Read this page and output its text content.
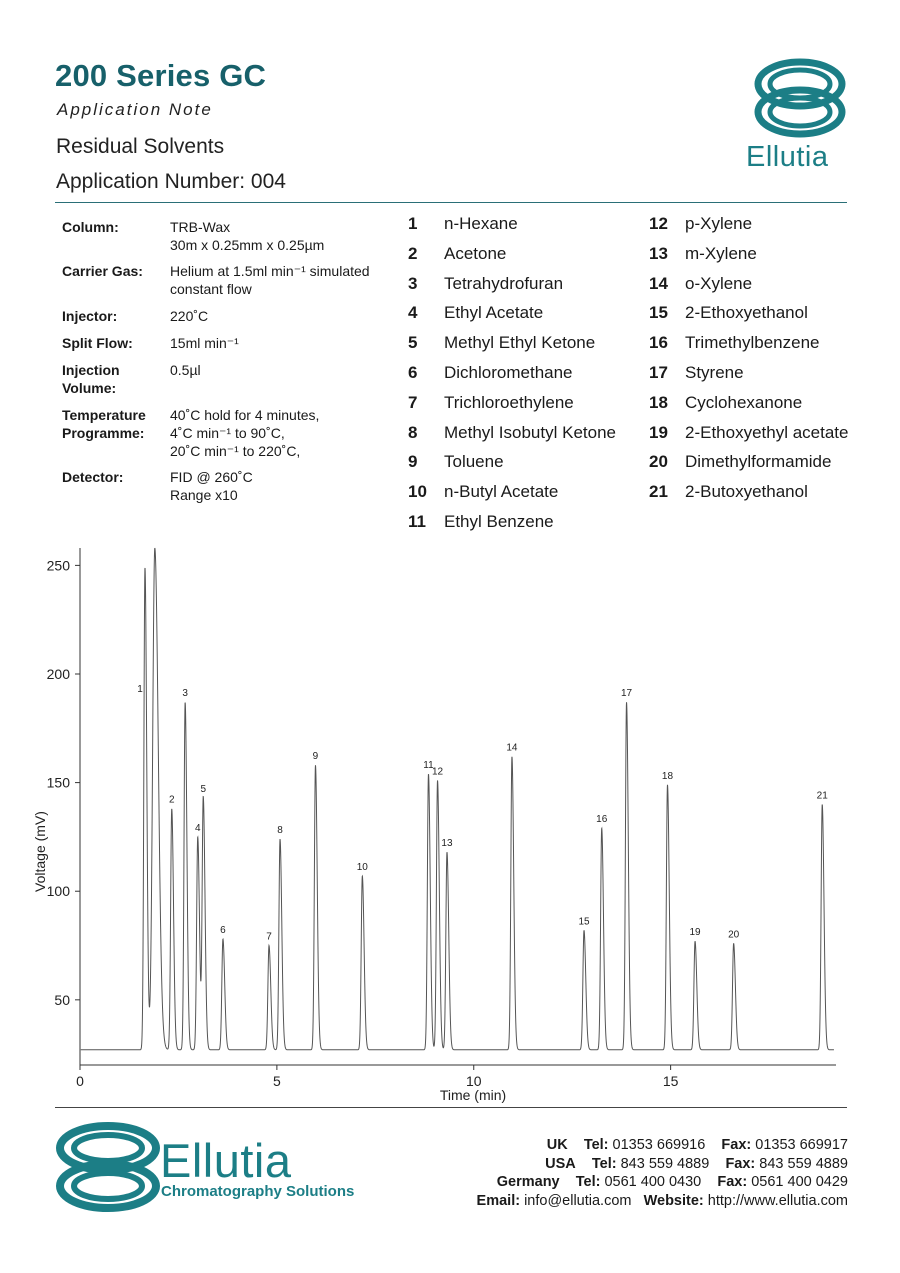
200 Series GC
Application Note
Residual Solvents
Application Number: 004
Ellutia
Column:	TRB-Wax
30m x 0.25mm x 0.25µm
Carrier Gas:	Helium at 1.5ml min⁻¹ simulated
constant flow
Injector:	220˚C
Split Flow:	15ml min⁻¹
Injection
Volume:
0.5µl
Temperature
Programme:
40˚C hold for 4 minutes,
4˚C min⁻¹ to 90˚C,
20˚C min⁻¹ to 220˚C,
Detector:	FID @ 260˚C
Range x10
1 n-Hexane
2 Acetone
3 Tetrahydrofuran
4 Ethyl Acetate
5 Methyl Ethyl Ketone
6 Dichloromethane
7 Trichloroethylene
8 Methyl Isobutyl Ketone
9 Toluene
10 n-Butyl Acetate
11 Ethyl Benzene
12 p-Xylene
13 m-Xylene
14 o-Xylene
15 2-Ethoxyethanol
16 Trimethylbenzene
17 Styrene
18 Cyclohexanone
19 2-Ethoxyethyl acetate
20 Dimethylformamide
21 2-Butoxyethanol
50
100
150
200
250
0	5	10	15
Time (min)
Voltage (mV)
1
2
3
4
5
6
7
8
9
10
11
12
13
14
15
16
17
18
19	20
21
Ellutia
Chromatography Solutions
UK Tel: 01353 669916 Fax: 01353 669917
USA Tel: 843 559 4889 Fax: 843 559 4889
Germany Tel: 0561 400 0430 Fax: 0561 400 0429
Email: info@ellutia.com Website: http://www.ellutia.com
